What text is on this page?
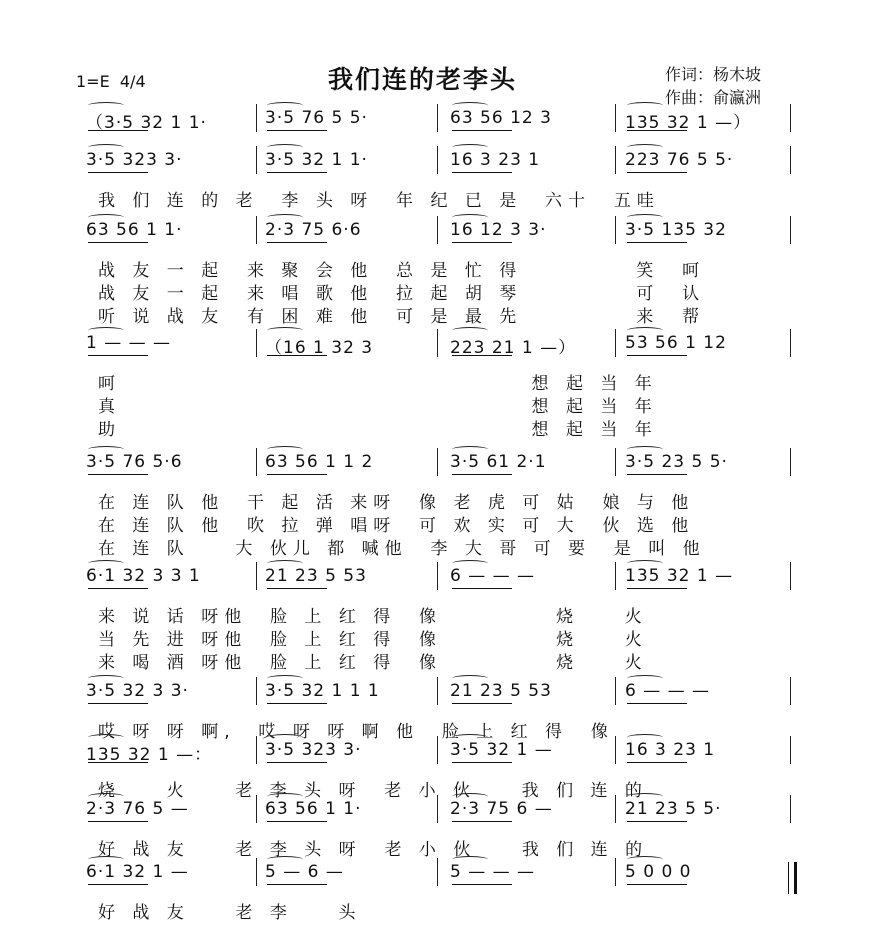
1=E  4/4	我们连的老李头	作词：杨木坡
作曲：俞瀛洲
（3·5 32 1 1·	3·5 76 5 5·	63 56 12 3	135 32 1 —）
3·5 323 3·	3·5 32 1 1·	16 3 23 1	223 76 5 5·
我 们 连 的 老  李 头 呀  年 纪 已 是  六十  五哇
63 56 1 1·	2·3 75 6·6	16 12 3 3·	3·5 135 32
战 友 一 起  来 聚 会 他  总 是 忙 得          笑  呵
战 友 一 起  来 唱 歌 他  拉 起 胡 琴          可  认
听 说 战 友  有 困 难 他  可 是 最 先          来  帮
1 — — —	（16 1 32 3	223 21 1 —）	53 56 1 12
呵                                    想 起 当 年
真                                    想 起 当 年
助                                    想 起 当 年
3·5 76 5·6	63 56 1 1 2	3·5 61 2·1	3·5 23 5 5·
在 连 队 他  干 起 活 来呀  像 老 虎 可 姑  娘 与 他
在 连 队 他  吹 拉 弹 唱呀  可 欢 实 可 大  伙 选 他
在 连 队    大 伙儿 都 喊他  李 大 哥 可 要  是 叫 他
6·1 32 3 3 1	21 23 5 53	6 — — —	135 32 1 —
来 说 话 呀他  脸 上 红 得  像          烧    火
当 先 进 呀他  脸 上 红 得  像          烧    火
来 喝 酒 呀他  脸 上 红 得  像          烧    火
3·5 32 3 3·	3·5 32 1 1 1	21 23 5 53	6 — — —
哎 呀 呀 啊,  哎 呀 呀 啊 他  脸 上 红 得  像
135 32 1 —：	3·5 323 3·	3·5 32 1 —	16 3 23 1
烧    火    老 李 头 呀  老 小 伙    我 们 连 的
2·3 76 5 —	63 56 1 1·	2·3 75 6 —	21 23 5 5·
好 战 友    老 李 头 呀  老 小 伙    我 们 连 的
6·1 32 1 —	5 — 6 —	5 — — —	5 0 0 0
好 战 友    老 李    头
